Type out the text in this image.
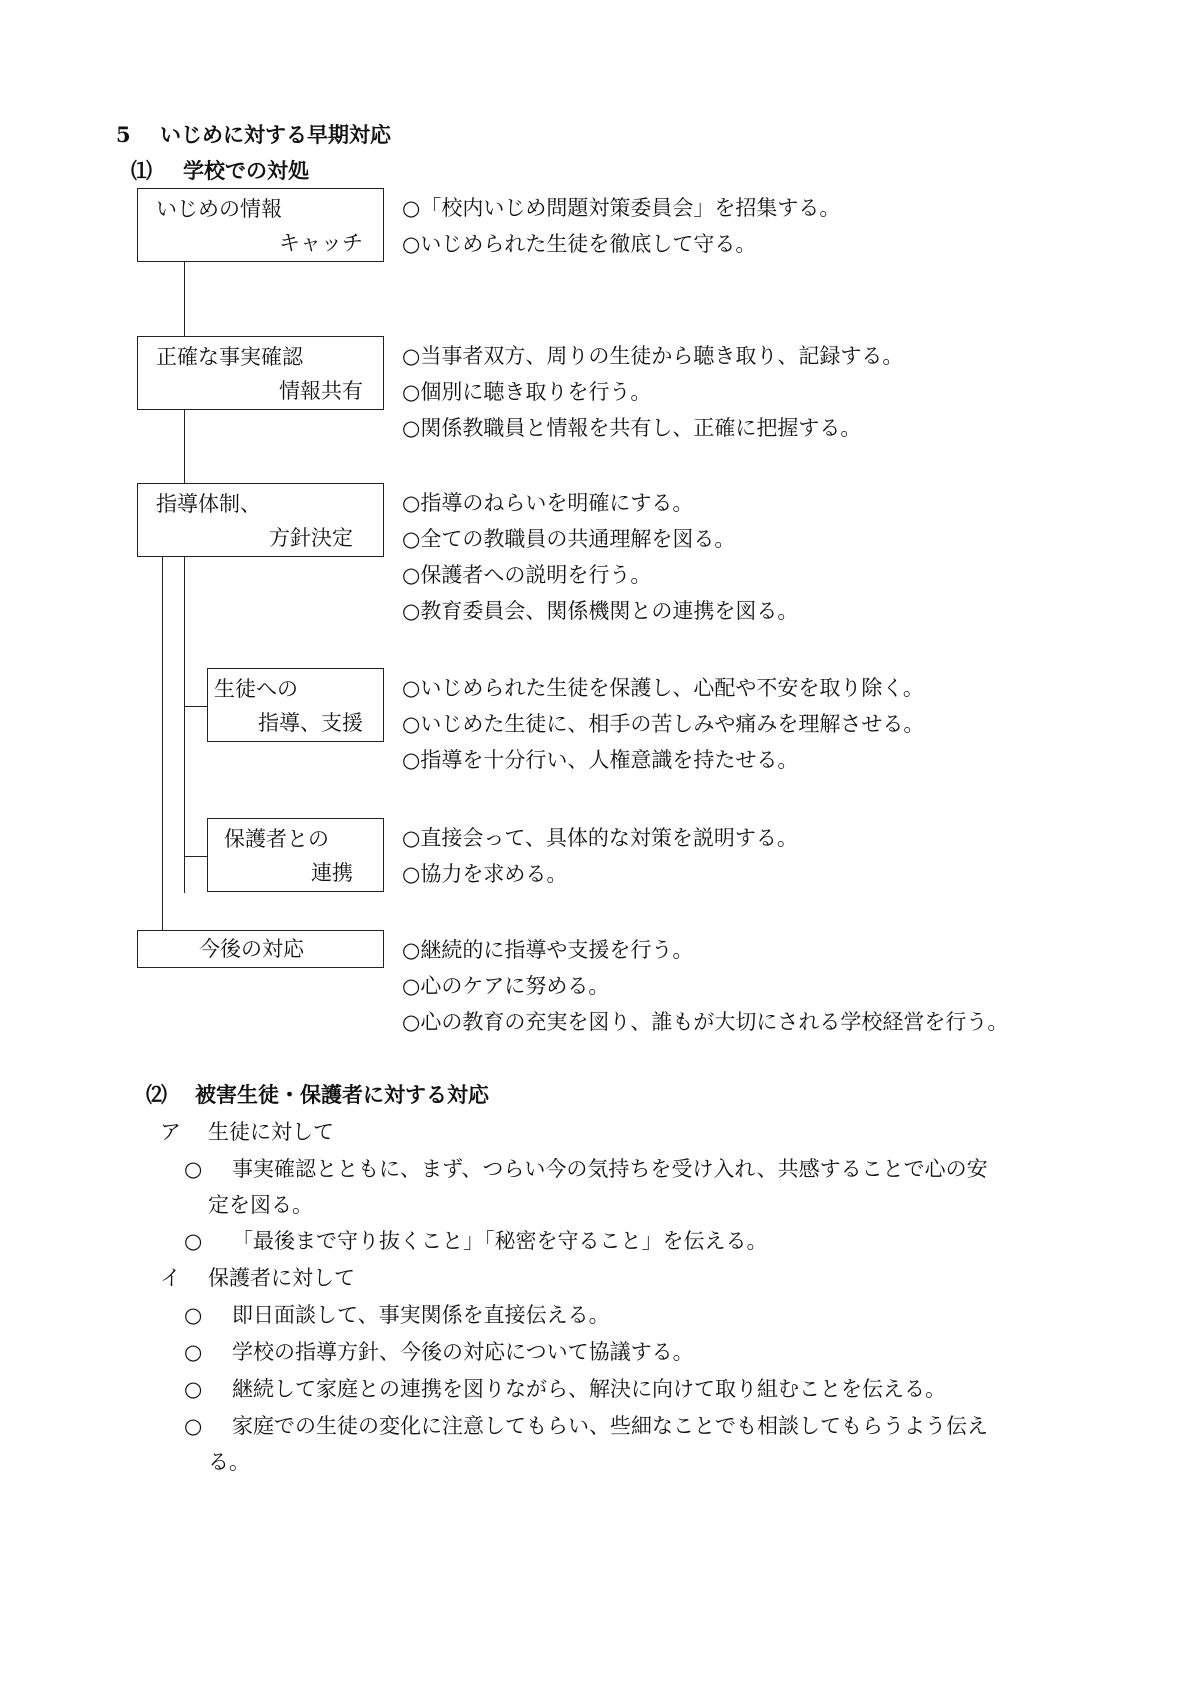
5 いじめに対する早期対応
⑴ 学校での対処
いじめの情報
キャッチ
○「校内いじめ問題対策委員会」を招集する。
○いじめられた生徒を徹底して守る。
正確な事実確認
情報共有
○当事者双方、周りの生徒から聴き取り、記録する。
○個別に聴き取りを行う。
○関係教職員と情報を共有し、正確に把握する。
指導体制、
方針決定
○指導のねらいを明確にする。
○全ての教職員の共通理解を図る。
○保護者への説明を行う。
○教育委員会、関係機関との連携を図る。
生徒への
指導、支援
○いじめられた生徒を保護し、心配や不安を取り除く。
○いじめた生徒に、相手の苦しみや痛みを理解させる。
○指導を十分行い、人権意識を持たせる。
保護者との
連携
○直接会って、具体的な対策を説明する。
○協力を求める。
今後の対応	○継続的に指導や支援を行う。
○心のケアに努める。
○心の教育の充実を図り、誰もが大切にされる学校経営を行う。
⑵ 被害生徒・保護者に対する対応
ア 生徒に対して
○ 事実確認とともに、まず、つらい今の気持ちを受け入れ、共感することで心の安
定を図る。
○ 「最後まで守り抜くこと」「秘密を守ること」を伝える。
イ 保護者に対して
○ 即日面談して、事実関係を直接伝える。
○ 学校の指導方針、今後の対応について協議する。
○ 継続して家庭との連携を図りながら、解決に向けて取り組むことを伝える。
○ 家庭での生徒の変化に注意してもらい、些細なことでも相談してもらうよう伝え
る。
